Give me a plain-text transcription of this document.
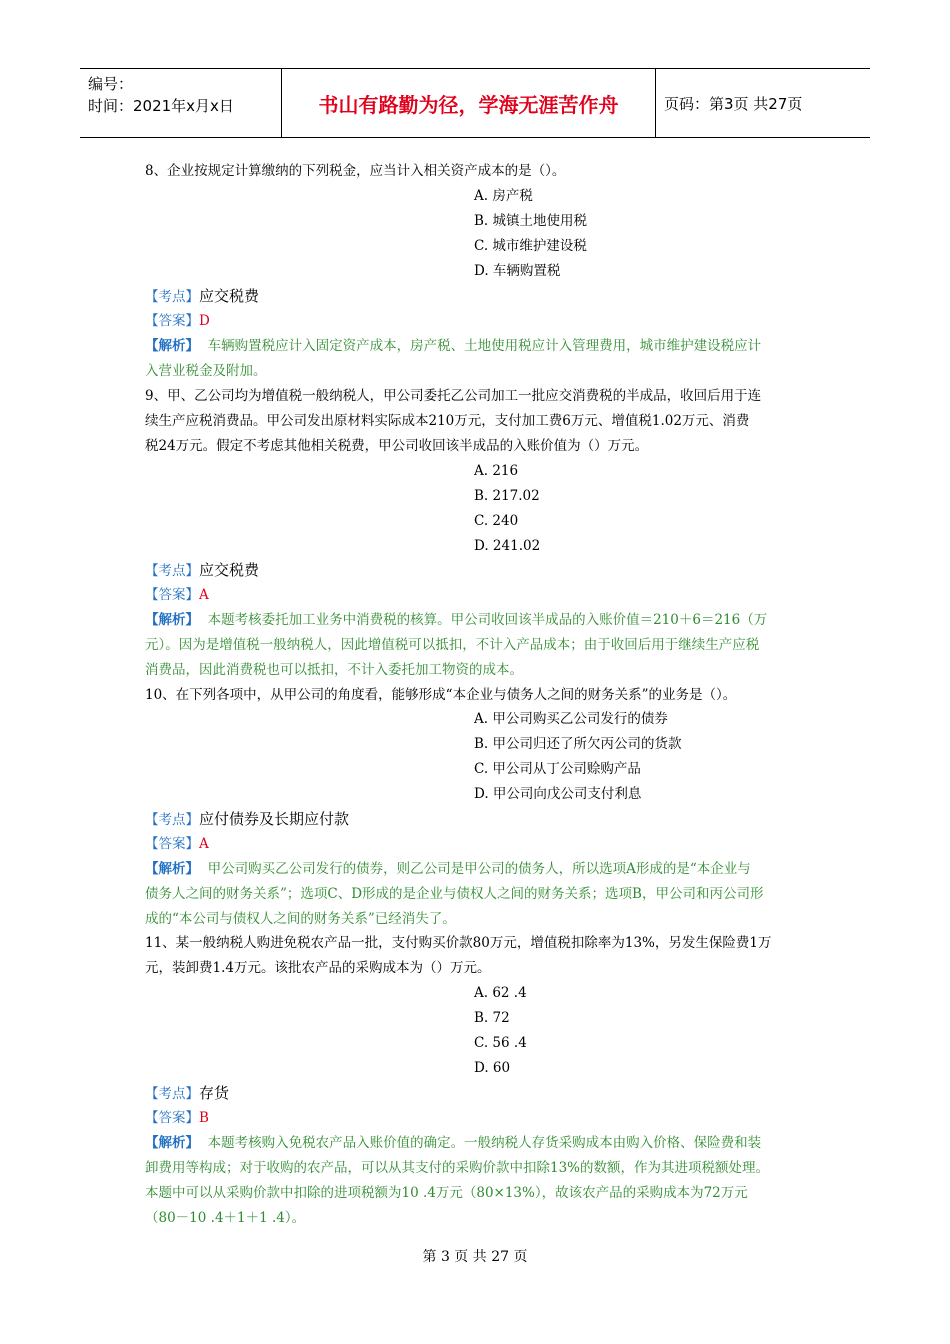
编号：
时间：2021年x月x日	书山有路勤为径，学海无涯苦作舟	页码：第3页 共27页
8、企业按规定计算缴纳的下列税金，应当计入相关资产成本的是（）。
A. 房产税
B. 城镇土地使用税
C. 城市维护建设税
D. 车辆购置税
【考点】应交税费
【答案】D
【解析】 车辆购置税应计入固定资产成本，房产税、土地使用税应计入管理费用，城市维护建设税应计
入营业税金及附加。
9、甲、乙公司均为增值税一般纳税人，甲公司委托乙公司加工一批应交消费税的半成品，收回后用于连
续生产应税消费品。甲公司发出原材料实际成本210万元，支付加工费6万元、增值税1.02万元、消费
税24万元。假定不考虑其他相关税费，甲公司收回该半成品的入账价值为（）万元。
A. 216
B. 217.02
C. 240
D. 241.02
【考点】应交税费
【答案】A
【解析】 本题考核委托加工业务中消费税的核算。甲公司收回该半成品的入账价值＝210＋6＝216（万
元）。因为是增值税一般纳税人，因此增值税可以抵扣，不计入产品成本；由于收回后用于继续生产应税
消费品，因此消费税也可以抵扣，不计入委托加工物资的成本。
10、在下列各项中，从甲公司的角度看，能够形成“本企业与债务人之间的财务关系”的业务是（）。
A. 甲公司购买乙公司发行的债券
B. 甲公司归还了所欠丙公司的货款
C. 甲公司从丁公司赊购产品
D. 甲公司向戊公司支付利息
【考点】应付债券及长期应付款
【答案】A
【解析】 甲公司购买乙公司发行的债券，则乙公司是甲公司的债务人，所以选项A形成的是“本企业与
债务人之间的财务关系”；选项C、D形成的是企业与债权人之间的财务关系；选项B，甲公司和丙公司形
成的“本公司与债权人之间的财务关系”已经消失了。
11、某一般纳税人购进免税农产品一批，支付购买价款80万元，增值税扣除率为13%，另发生保险费1万
元，装卸费1.4万元。该批农产品的采购成本为（）万元。
A. 62 .4
B. 72
C. 56 .4
D. 60
【考点】存货
【答案】B
【解析】 本题考核购入免税农产品入账价值的确定。一般纳税人存货采购成本由购入价格、保险费和装
卸费用等构成；对于收购的农产品，可以从其支付的采购价款中扣除13%的数额，作为其进项税额处理。
本题中可以从采购价款中扣除的进项税额为10 .4万元（80×13%），故该农产品的采购成本为72万元
（80－10 .4＋1＋1 .4）。
第 3 页 共 27 页
